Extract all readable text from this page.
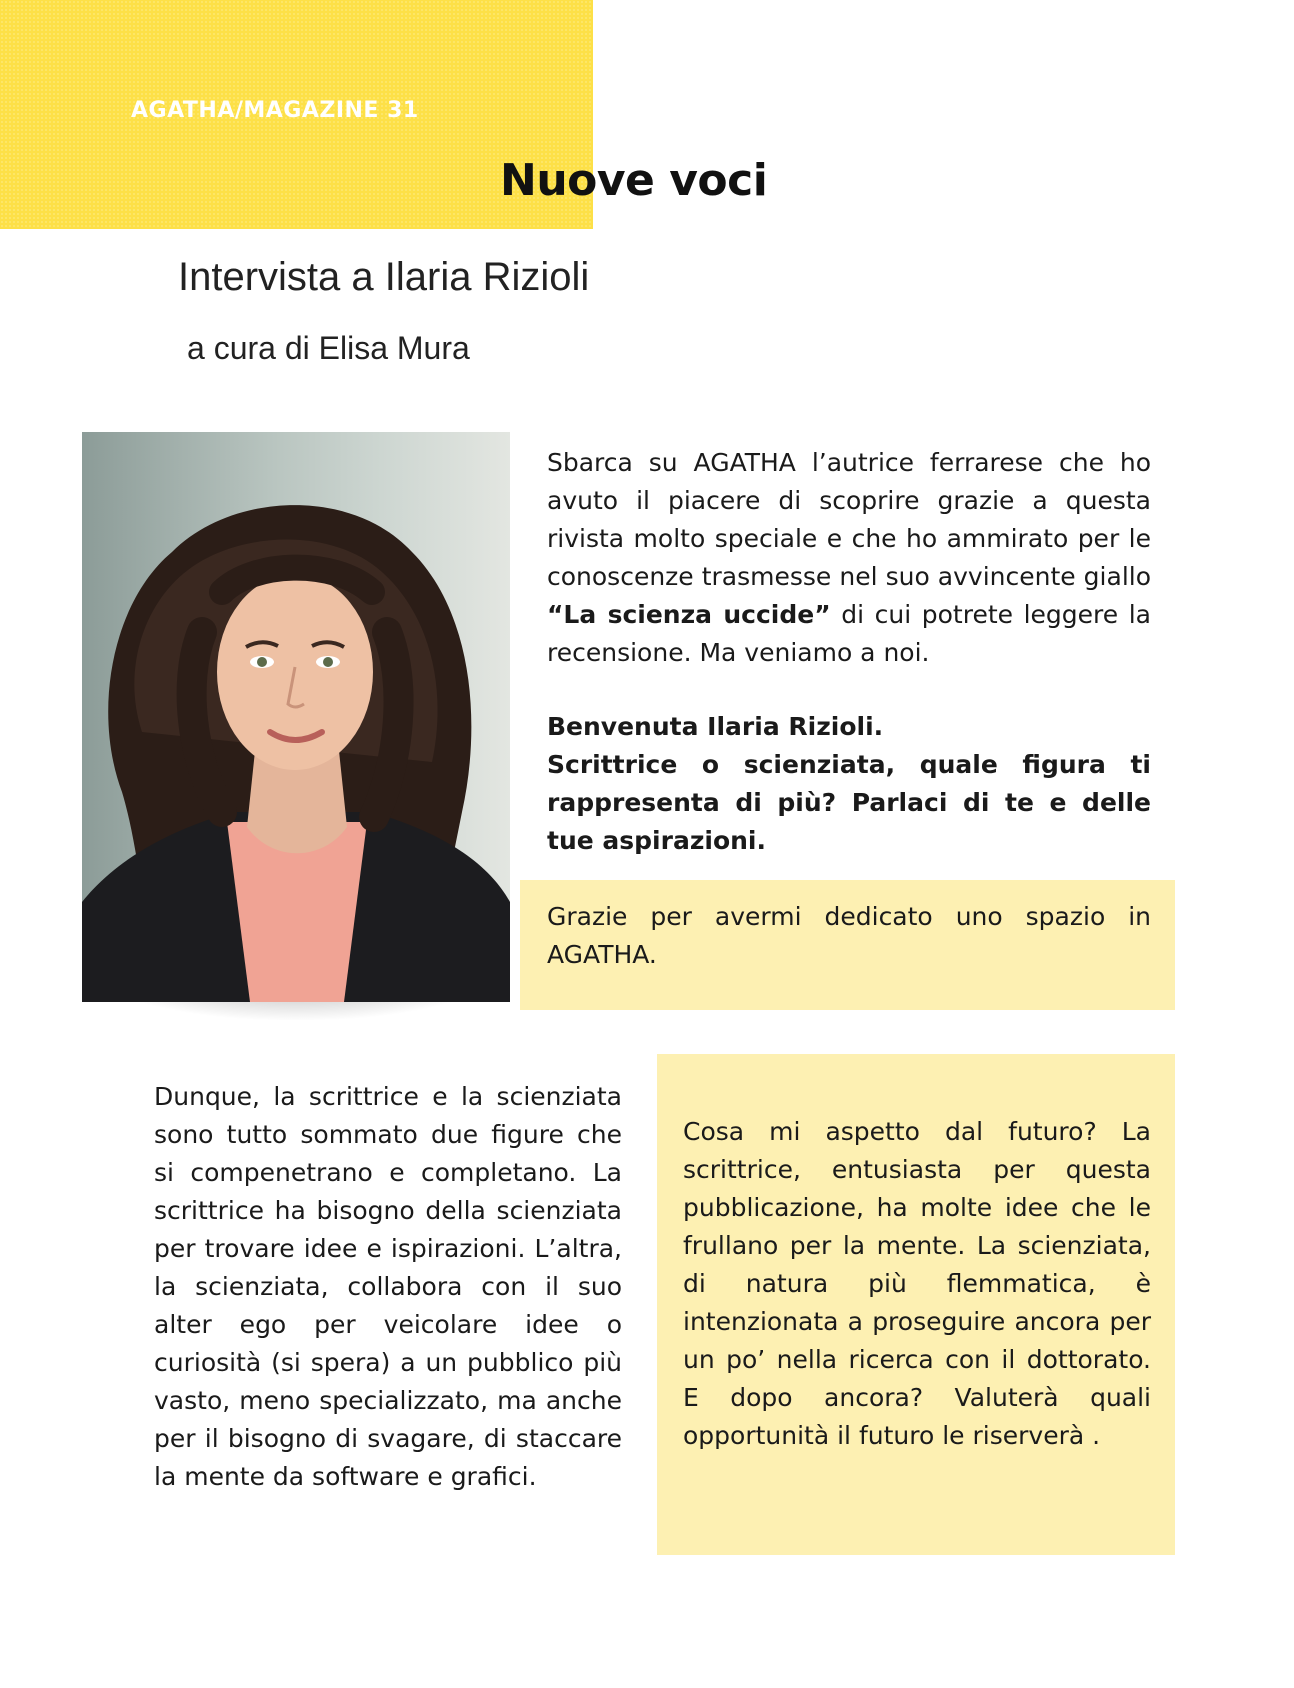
AGATHA/MAGAZINE 31
Nuove voci
Intervista a Ilaria Rizioli
a cura di Elisa Mura

Sbarca su AGATHA l’autrice ferrarese che ho avuto il piacere di scoprire grazie a questa rivista molto speciale e che ho ammirato per le conoscenze trasmesse nel suo avvincente giallo “La scienza uccide” di cui potrete leggere la recensione. Ma veniamo a noi.

Benvenuta Ilaria Rizioli.

Scrittrice o scienziata, quale figura ti rappresenta di più? Parlaci di te e delle tue aspirazioni.

Grazie per avermi dedicato uno spazio in AGATHA.

Dunque, la scrittrice e la scienziata sono tutto sommato due figure che si compenetrano e completano. La scrittrice ha bisogno della scienziata per trovare idee e ispirazioni. L’altra, la scienziata, collabora con il suo alter ego per veicolare idee o curiosità (si spera) a un pubblico più vasto, meno specializzato, ma anche per il bisogno di svagare, di staccare la mente da software e grafici.

Cosa mi aspetto dal futuro? La scrittrice, entusiasta per questa pubblicazione, ha molte idee che le frullano per la mente. La scienziata, di natura più flemmatica, è intenzionata a proseguire ancora per un po’ nella ricerca con il dottorato. E dopo ancora? Valuterà quali opportunità il futuro le riserverà .
